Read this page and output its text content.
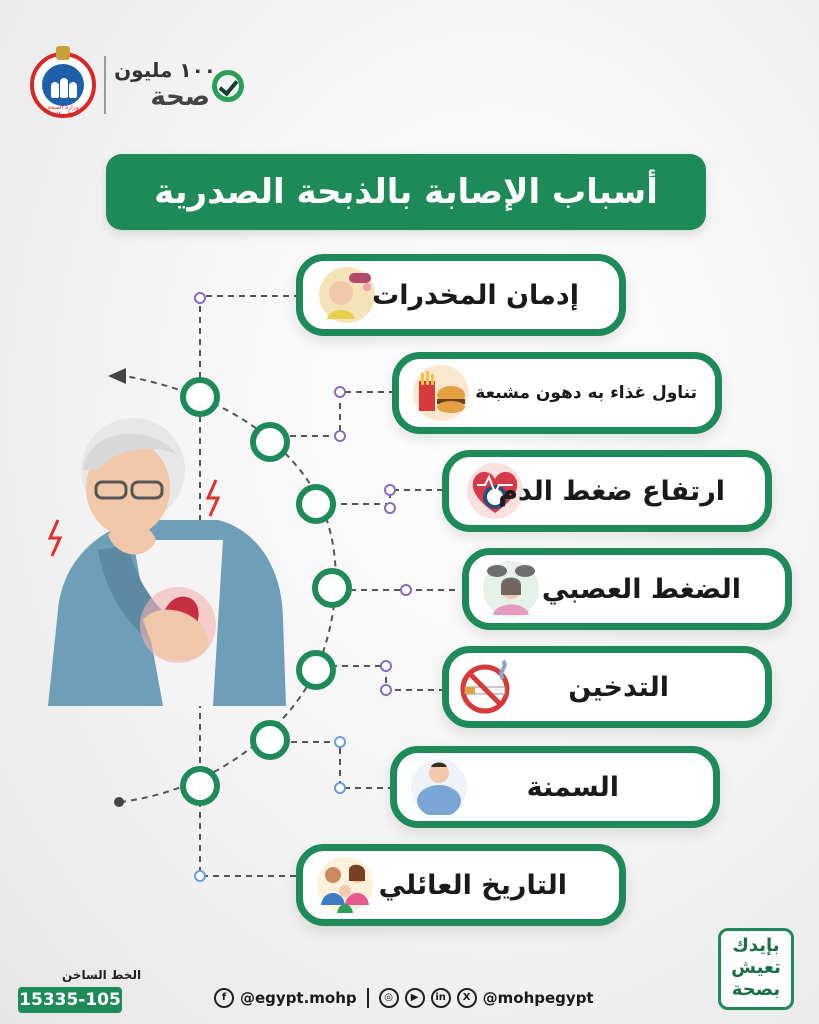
وزارة الصحة والسكان
١٠٠ مليون
صحة
أسباب الإصابة بالذبحة الصدرية
إدمان المخدرات
تناول غذاء به دهون مشبعة
ارتفاع ضغط الدم
الضغط العصبي
التدخين
السمنة
التاريخ العائلي
الخط الساخن
15335-105	f @egypt.mohp	◎	▶	in	X @mohpegypt
بإيدك
تعيش
بصحة
